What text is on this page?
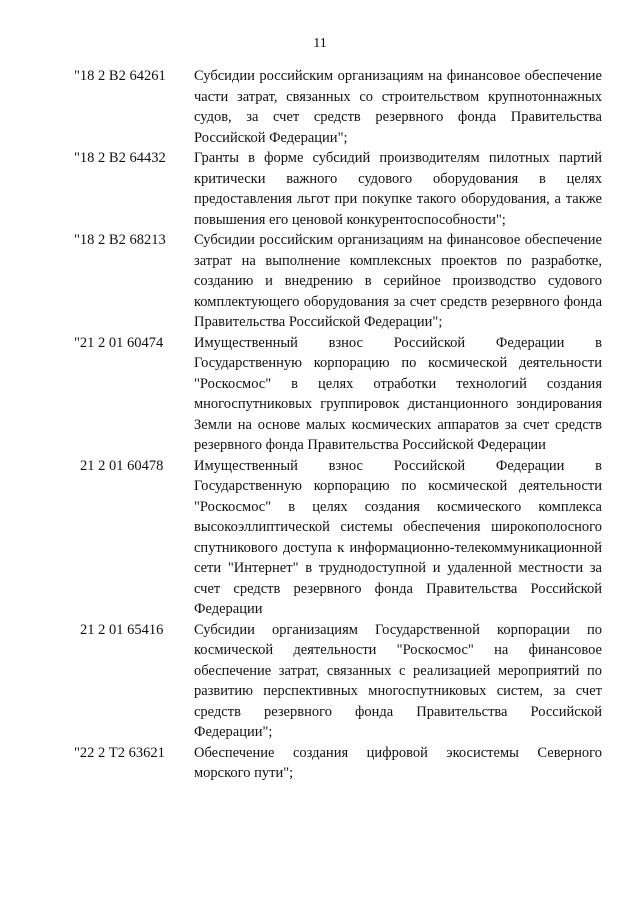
11
"18 2 В2 64261	Субсидии российским организациям на финансовое обеспечение части затрат, связанных со строительством крупнотоннажных судов, за счет средств резервного фонда Правительства Российской Федерации";
"18 2 В2 64432	Гранты в форме субсидий производителям пилотных партий критически важного судового оборудования в целях предоставления льгот при покупке такого оборудования, а также повышения его ценовой конкурентоспособности";
"18 2 В2 68213	Субсидии российским организациям на финансовое обеспечение затрат на выполнение комплексных проектов по разработке, созданию и внедрению в серийное производство судового комплектующего оборудования за счет средств резервного фонда Правительства Российской Федерации";
"21 2 01 60474	Имущественный взнос Российской Федерации в Государственную корпорацию по космической деятельности "Роскосмос" в целях отработки технологий создания многоспутниковых группировок дистанционного зондирования Земли на основе малых космических аппаратов за счет средств резервного фонда Правительства Российской Федерации
21 2 01 60478	Имущественный взнос Российской Федерации в Государственную корпорацию по космической деятельности "Роскосмос" в целях создания космического комплекса высокоэллиптической системы обеспечения широкополосного спутникового доступа к информационно-телекоммуникационной сети "Интернет" в труднодоступной и удаленной местности за счет средств резервного фонда Правительства Российской Федерации
21 2 01 65416	Субсидии организациям Государственной корпорации по космической деятельности "Роскосмос" на финансовое обеспечение затрат, связанных с реализацией мероприятий по развитию перспективных многоспутниковых систем, за счет средств резервного фонда Правительства Российской Федерации";
"22 2 Т2 63621	Обеспечение создания цифровой экосистемы Северного морского пути";
